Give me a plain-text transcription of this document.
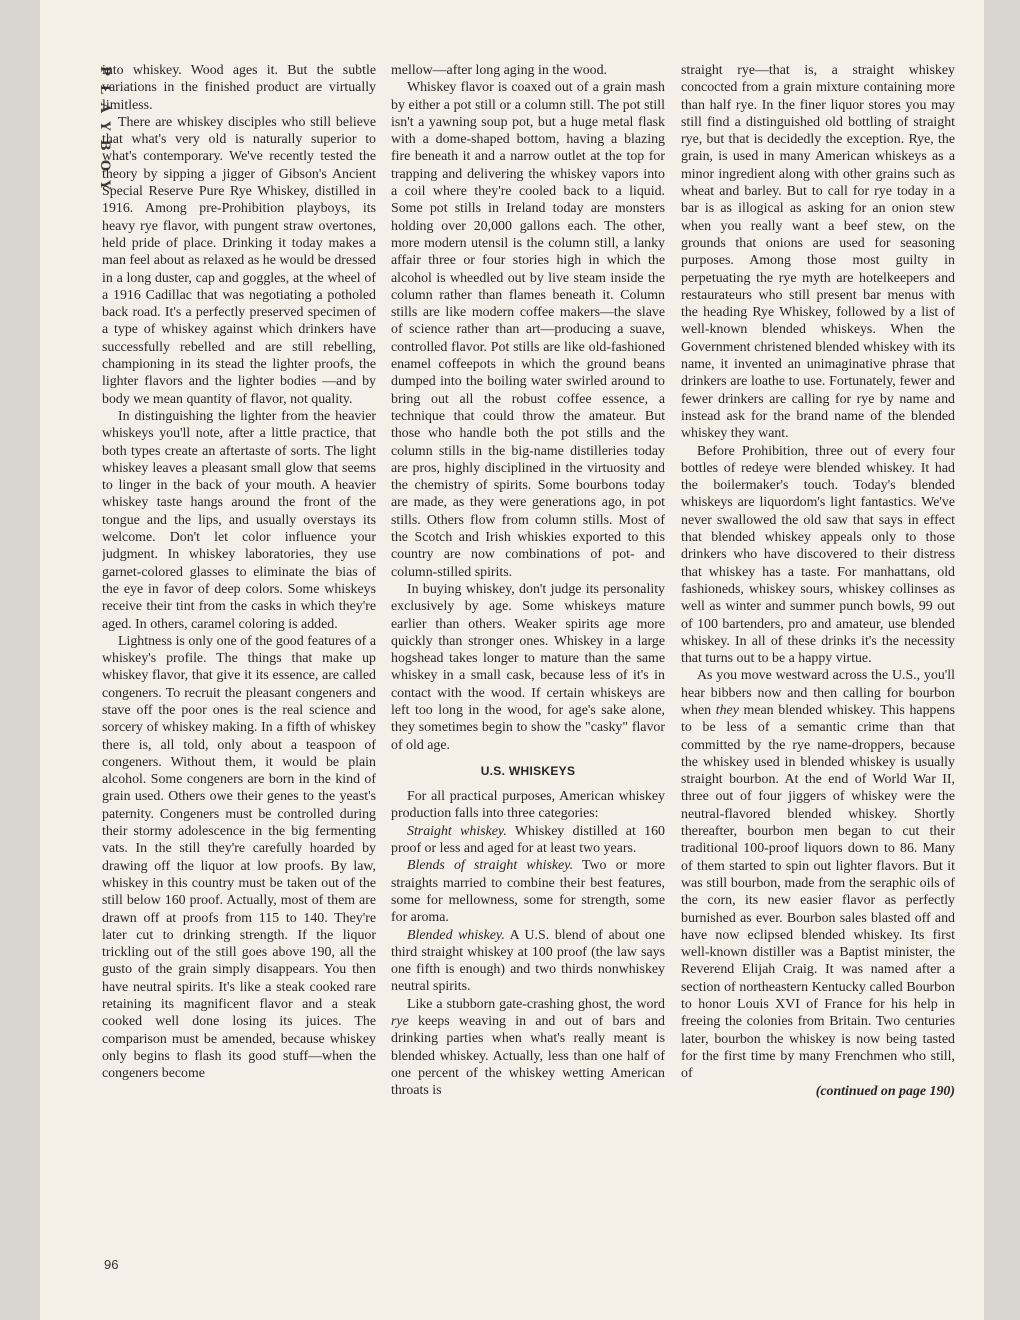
PLAYBOY
96

into whiskey. Wood ages it. But the subtle variations in the finished product are virtually limitless.

There are whiskey disciples who still believe that what's very old is naturally superior to what's contemporary. We've recently tested the theory by sipping a jigger of Gibson's Ancient Special Reserve Pure Rye Whiskey, distilled in 1916. Among pre-Prohibition playboys, its heavy rye flavor, with pungent straw overtones, held pride of place. Drinking it today makes a man feel about as relaxed as he would be dressed in a long duster, cap and goggles, at the wheel of a 1916 Cadillac that was negotiating a potholed back road. It's a perfectly preserved specimen of a type of whiskey against which drinkers have successfully rebelled and are still rebelling, championing in its stead the lighter proofs, the lighter flavors and the lighter bodies —and by body we mean quantity of flavor, not quality.

In distinguishing the lighter from the heavier whiskeys you'll note, after a little practice, that both types create an aftertaste of sorts. The light whiskey leaves a pleasant small glow that seems to linger in the back of your mouth. A heavier whiskey taste hangs around the front of the tongue and the lips, and usually overstays its welcome. Don't let color influence your judgment. In whiskey laboratories, they use garnet-colored glasses to eliminate the bias of the eye in favor of deep colors. Some whiskeys receive their tint from the casks in which they're aged. In others, caramel coloring is added.

Lightness is only one of the good features of a whiskey's profile. The things that make up whiskey flavor, that give it its essence, are called congeners. To recruit the pleasant congeners and stave off the poor ones is the real science and sorcery of whiskey making. In a fifth of whiskey there is, all told, only about a teaspoon of congeners. Without them, it would be plain alcohol. Some congeners are born in the kind of grain used. Others owe their genes to the yeast's paternity. Congeners must be controlled during their stormy adolescence in the big fermenting vats. In the still they're carefully hoarded by drawing off the liquor at low proofs. By law, whiskey in this country must be taken out of the still below 160 proof. Actually, most of them are drawn off at proofs from 115 to 140. They're later cut to drinking strength. If the liquor trickling out of the still goes above 190, all the gusto of the grain simply disappears. You then have neutral spirits. It's like a steak cooked rare retaining its magnificent flavor and a steak cooked well done losing its juices. The comparison must be amended, because whiskey only begins to flash its good stuff—when the congeners become

mellow—after long aging in the wood.

Whiskey flavor is coaxed out of a grain mash by either a pot still or a column still. The pot still isn't a yawning soup pot, but a huge metal flask with a dome-shaped bottom, having a blazing fire beneath it and a narrow outlet at the top for trapping and delivering the whiskey vapors into a coil where they're cooled back to a liquid. Some pot stills in Ireland today are monsters holding over 20,000 gallons each. The other, more modern utensil is the column still, a lanky affair three or four stories high in which the alcohol is wheedled out by live steam inside the column rather than flames beneath it. Column stills are like modern coffee makers—the slave of science rather than art—producing a suave, controlled flavor. Pot stills are like old-fashioned enamel coffeepots in which the ground beans dumped into the boiling water swirled around to bring out all the robust coffee essence, a technique that could throw the amateur. But those who handle both the pot stills and the column stills in the big-name distilleries today are pros, highly disciplined in the virtuosity and the chemistry of spirits. Some bourbons today are made, as they were generations ago, in pot stills. Others flow from column stills. Most of the Scotch and Irish whiskies exported to this country are now combinations of pot- and column-stilled spirits.

In buying whiskey, don't judge its personality exclusively by age. Some whiskeys mature earlier than others. Weaker spirits age more quickly than stronger ones. Whiskey in a large hogshead takes longer to mature than the same whiskey in a small cask, because less of it's in contact with the wood. If certain whiskeys are left too long in the wood, for age's sake alone, they sometimes begin to show the "casky" flavor of old age.

U.S. WHISKEYS

For all practical purposes, American whiskey production falls into three categories:

Straight whiskey. Whiskey distilled at 160 proof or less and aged for at least two years.

Blends of straight whiskey. Two or more straights married to combine their best features, some for mellowness, some for strength, some for aroma.

Blended whiskey. A U.S. blend of about one third straight whiskey at 100 proof (the law says one fifth is enough) and two thirds nonwhiskey neutral spirits.

Like a stubborn gate-crashing ghost, the word rye keeps weaving in and out of bars and drinking parties when what's really meant is blended whiskey. Actually, less than one half of one percent of the whiskey wetting American throats is

straight rye—that is, a straight whiskey concocted from a grain mixture containing more than half rye. In the finer liquor stores you may still find a distinguished old bottling of straight rye, but that is decidedly the exception. Rye, the grain, is used in many American whiskeys as a minor ingredient along with other grains such as wheat and barley. But to call for rye today in a bar is as illogical as asking for an onion stew when you really want a beef stew, on the grounds that onions are used for seasoning purposes. Among those most guilty in perpetuating the rye myth are hotelkeepers and restaurateurs who still present bar menus with the heading Rye Whiskey, followed by a list of well-known blended whiskeys. When the Government christened blended whiskey with its name, it invented an unimaginative phrase that drinkers are loathe to use. Fortunately, fewer and fewer drinkers are calling for rye by name and instead ask for the brand name of the blended whiskey they want.

Before Prohibition, three out of every four bottles of redeye were blended whiskey. It had the boilermaker's touch. Today's blended whiskeys are liquordom's light fantastics. We've never swallowed the old saw that says in effect that blended whiskey appeals only to those drinkers who have discovered to their distress that whiskey has a taste. For manhattans, old fashioneds, whiskey sours, whiskey collinses as well as winter and summer punch bowls, 99 out of 100 bartenders, pro and amateur, use blended whiskey. In all of these drinks it's the necessity that turns out to be a happy virtue.

As you move westward across the U.S., you'll hear bibbers now and then calling for bourbon when they mean blended whiskey. This happens to be less of a semantic crime than that committed by the rye name-droppers, because the whiskey used in blended whiskey is usually straight bourbon. At the end of World War II, three out of four jiggers of whiskey were the neutral-flavored blended whiskey. Shortly thereafter, bourbon men began to cut their traditional 100-proof liquors down to 86. Many of them started to spin out lighter flavors. But it was still bourbon, made from the seraphic oils of the corn, its new easier flavor as perfectly burnished as ever. Bourbon sales blasted off and have now eclipsed blended whiskey. Its first well-known distiller was a Baptist minister, the Reverend Elijah Craig. It was named after a section of northeastern Kentucky called Bourbon to honor Louis XVI of France for his help in freeing the colonies from Britain. Two centuries later, bourbon the whiskey is now being tasted for the first time by many Frenchmen who still, of

(continued on page 190)
